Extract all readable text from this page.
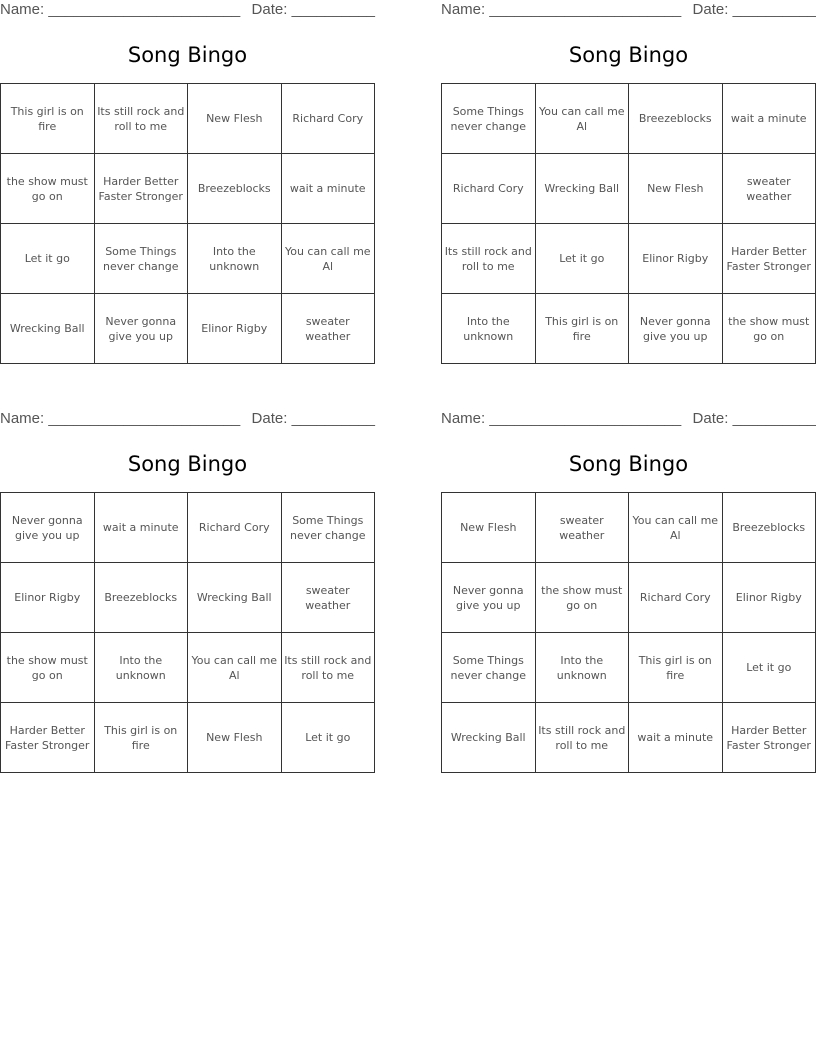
Name: _______________________ Date: __________
Song Bingo
This girl is on fire	Its still rock and roll to me	New Flesh	Richard Cory
the show must go on	Harder Better Faster Stronger	Breezeblocks	wait a minute
Let it go	Some Things never change	Into the unknown	You can call me Al
Wrecking Ball	Never gonna give you up	Elinor Rigby	sweater weather
Name: _______________________ Date: __________
Song Bingo
Some Things never change	You can call me Al	Breezeblocks	wait a minute
Richard Cory	Wrecking Ball	New Flesh	sweater weather
Its still rock and roll to me	Let it go	Elinor Rigby	Harder Better Faster Stronger
Into the unknown	This girl is on fire	Never gonna give you up	the show must go on
Name: _______________________ Date: __________
Song Bingo
Never gonna give you up	wait a minute	Richard Cory	Some Things never change
Elinor Rigby	Breezeblocks	Wrecking Ball	sweater weather
the show must go on	Into the unknown	You can call me Al	Its still rock and roll to me
Harder Better Faster Stronger	This girl is on fire	New Flesh	Let it go
Name: _______________________ Date: __________
Song Bingo
New Flesh	sweater weather	You can call me Al	Breezeblocks
Never gonna give you up	the show must go on	Richard Cory	Elinor Rigby
Some Things never change	Into the unknown	This girl is on fire	Let it go
Wrecking Ball	Its still rock and roll to me	wait a minute	Harder Better Faster Stronger
